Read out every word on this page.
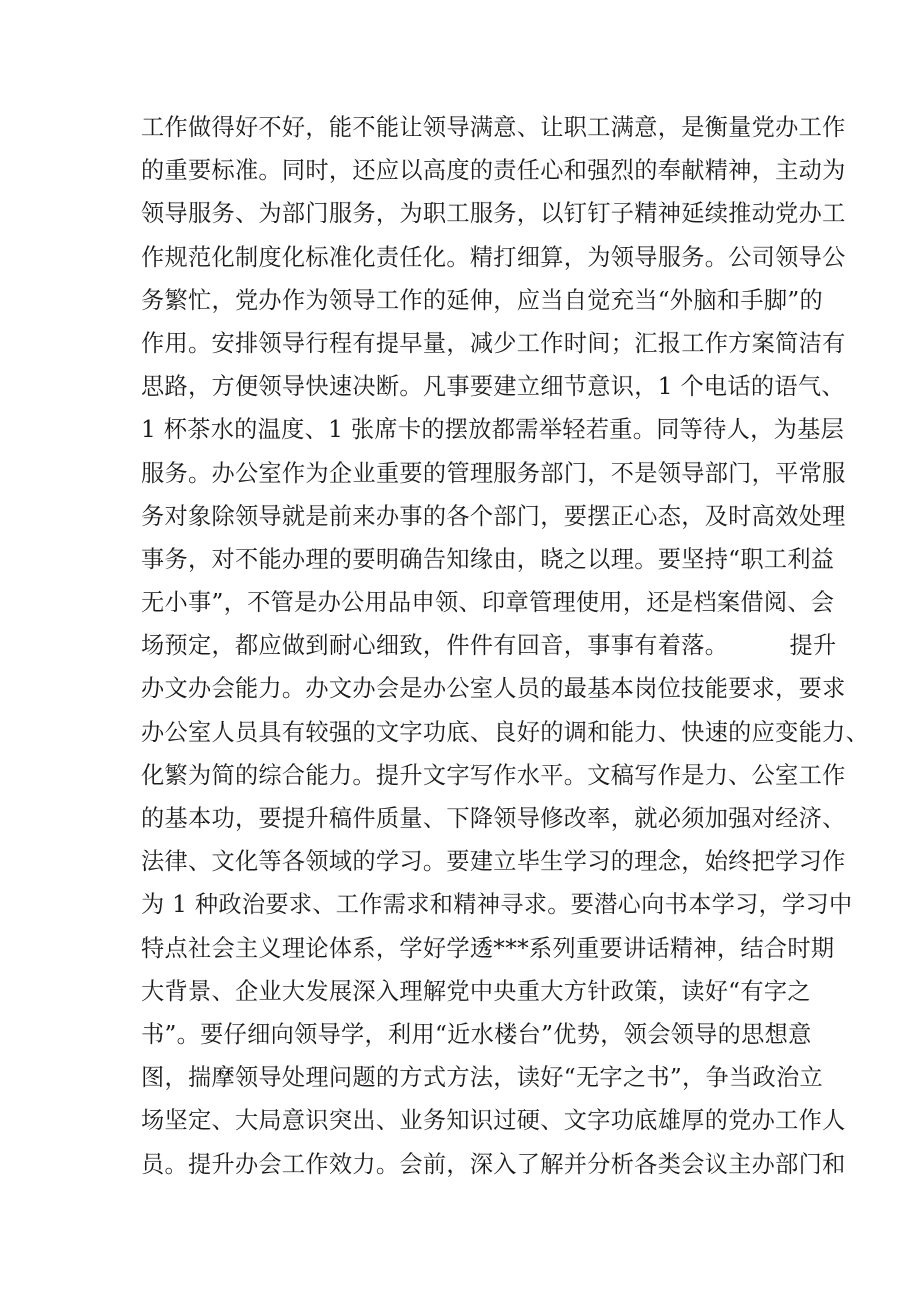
工作做得好不好，能不能让领导满意、让职工满意，是衡量党办工作
的重要标准。同时，还应以高度的责任心和强烈的奉献精神，主动为
领导服务、为部门服务，为职工服务，以钉钉子精神延续推动党办工
作规范化制度化标准化责任化。精打细算，为领导服务。公司领导公
务繁忙，党办作为领导工作的延伸，应当自觉充当“外脑和手脚”的
作用。安排领导行程有提早量，减少工作时间；汇报工作方案简洁有
思路，方便领导快速决断。凡事要建立细节意识，1 个电话的语气、
1 杯茶水的温度、1 张席卡的摆放都需举轻若重。同等待人，为基层
服务。办公室作为企业重要的管理服务部门，不是领导部门，平常服
务对象除领导就是前来办事的各个部门，要摆正心态，及时高效处理
事务，对不能办理的要明确告知缘由，晓之以理。要坚持“职工利益
无小事”，不管是办公用品申领、印章管理使用，还是档案借阅、会
场预定，都应做到耐心细致，件件有回音，事事有着落。        提升
办文办会能力。办文办会是办公室人员的最基本岗位技能要求，要求
办公室人员具有较强的文字功底、良好的调和能力、快速的应变能力、
化繁为简的综合能力。提升文字写作水平。文稿写作是力、公室工作
的基本功，要提升稿件质量、下降领导修改率，就必须加强对经济、
法律、文化等各领域的学习。要建立毕生学习的理念，始终把学习作
为 1 种政治要求、工作需求和精神寻求。要潜心向书本学习，学习中
特点社会主义理论体系，学好学透***系列重要讲话精神，结合时期
大背景、企业大发展深入理解党中央重大方针政策，读好“有字之
书”。要仔细向领导学，利用“近水楼台”优势，领会领导的思想意
图，揣摩领导处理问题的方式方法，读好“无字之书”，争当政治立
场坚定、大局意识突出、业务知识过硬、文字功底雄厚的党办工作人
员。提升办会工作效力。会前，深入了解并分析各类会议主办部门和
